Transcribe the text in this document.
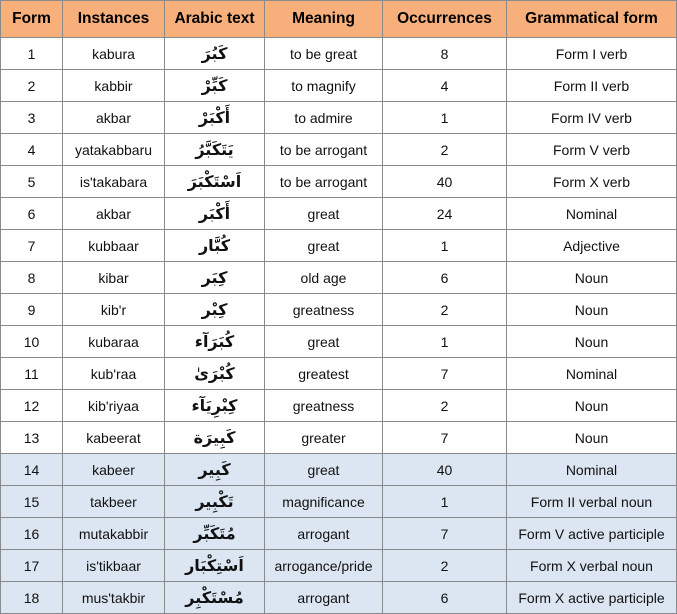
Form	Instances	Arabic text	Meaning	Occurrences	Grammatical form
1	kabura	كَبُرَ	to be great	8	Form I verb
2	kabbir	كَبِّرْ	to magnify	4	Form II verb
3	akbar	أَكْبَرْ	to admire	1	Form IV verb
4	yatakabbaru	يَتَكَبَّرُ	to be arrogant	2	Form V verb
5	is'takabara	اَسْتَكْبَرَ	to be arrogant	40	Form X verb
6	akbar	أَكْبَر	great	24	Nominal
7	kubbaar	كُبَّار	great	1	Adjective
8	kibar	كِبَر	old age	6	Noun
9	kib'r	كِبْر	greatness	2	Noun
10	kubaraa	كُبَرَآء	great	1	Noun
11	kub'raa	كُبْرَىٰ	greatest	7	Nominal
12	kib'riyaa	كِبْرِيَآء	greatness	2	Noun
13	kabeerat	كَبِيرَة	greater	7	Noun
14	kabeer	كَبِير	great	40	Nominal
15	takbeer	تَكْبِير	magnificance	1	Form II verbal noun
16	mutakabbir	مُتَكَبِّر	arrogant	7	Form V active participle
17	is'tikbaar	اَسْتِكْبَار	arrogance/pride	2	Form X verbal noun
18	mus'takbir	مُسْتَكْبِر	arrogant	6	Form X active participle
